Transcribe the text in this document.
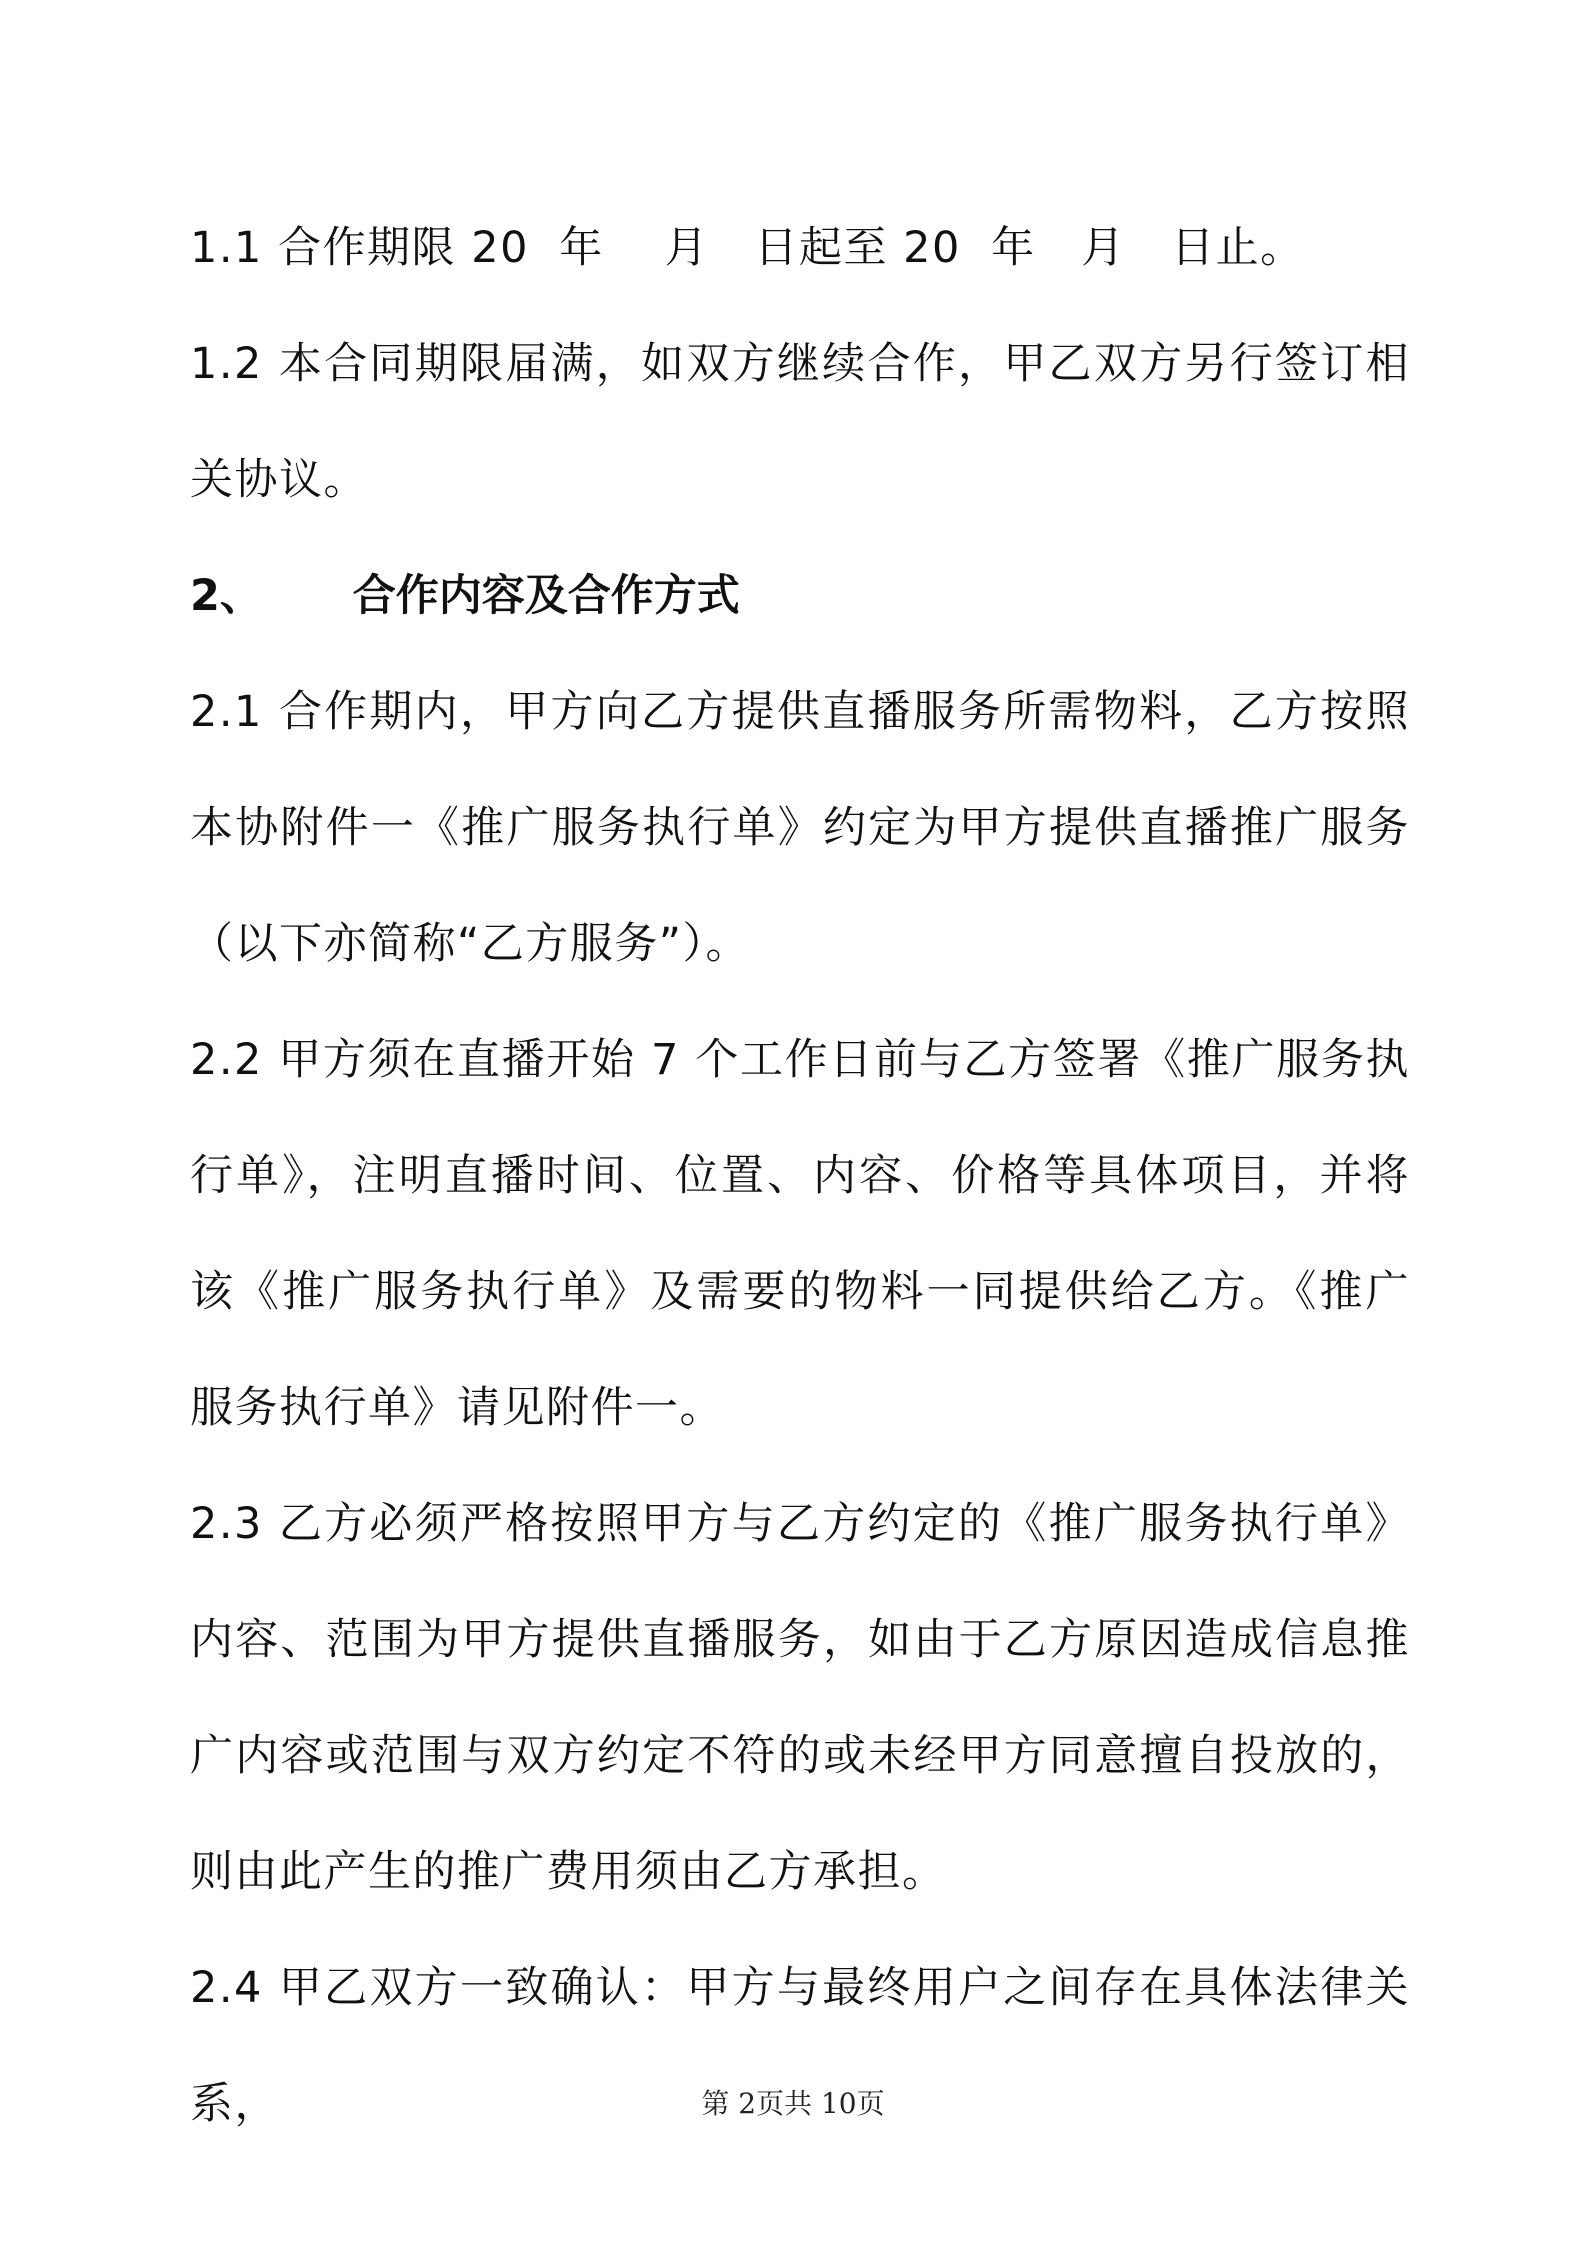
1.1 合作期限 20  年    月   日起至 20  年   月   日止。

1.2 本合同期限届满，如双方继续合作，甲乙双方另行签订相关协议。

2、      合作内容及合作方式

2.1 合作期内，甲方向乙方提供直播服务所需物料，乙方按照本协附件一《推广服务执行单》约定为甲方提供直播推广服务（以下亦简称“乙方服务”）。

2.2 甲方须在直播开始 7 个工作日前与乙方签署《推广服务执行单》，注明直播时间、位置、内容、价格等具体项目，并将该《推广服务执行单》及需要的物料一同提供给乙方。《推广服务执行单》请见附件一。

2.3 乙方必须严格按照甲方与乙方约定的《推广服务执行单》内容、范围为甲方提供直播服务，如由于乙方原因造成信息推广内容或范围与双方约定不符的或未经甲方同意擅自投放的，则由此产生的推广费用须由乙方承担。

2.4 甲乙双方一致确认：甲方与最终用户之间存在具体法律关系，	第 2页共 10页
